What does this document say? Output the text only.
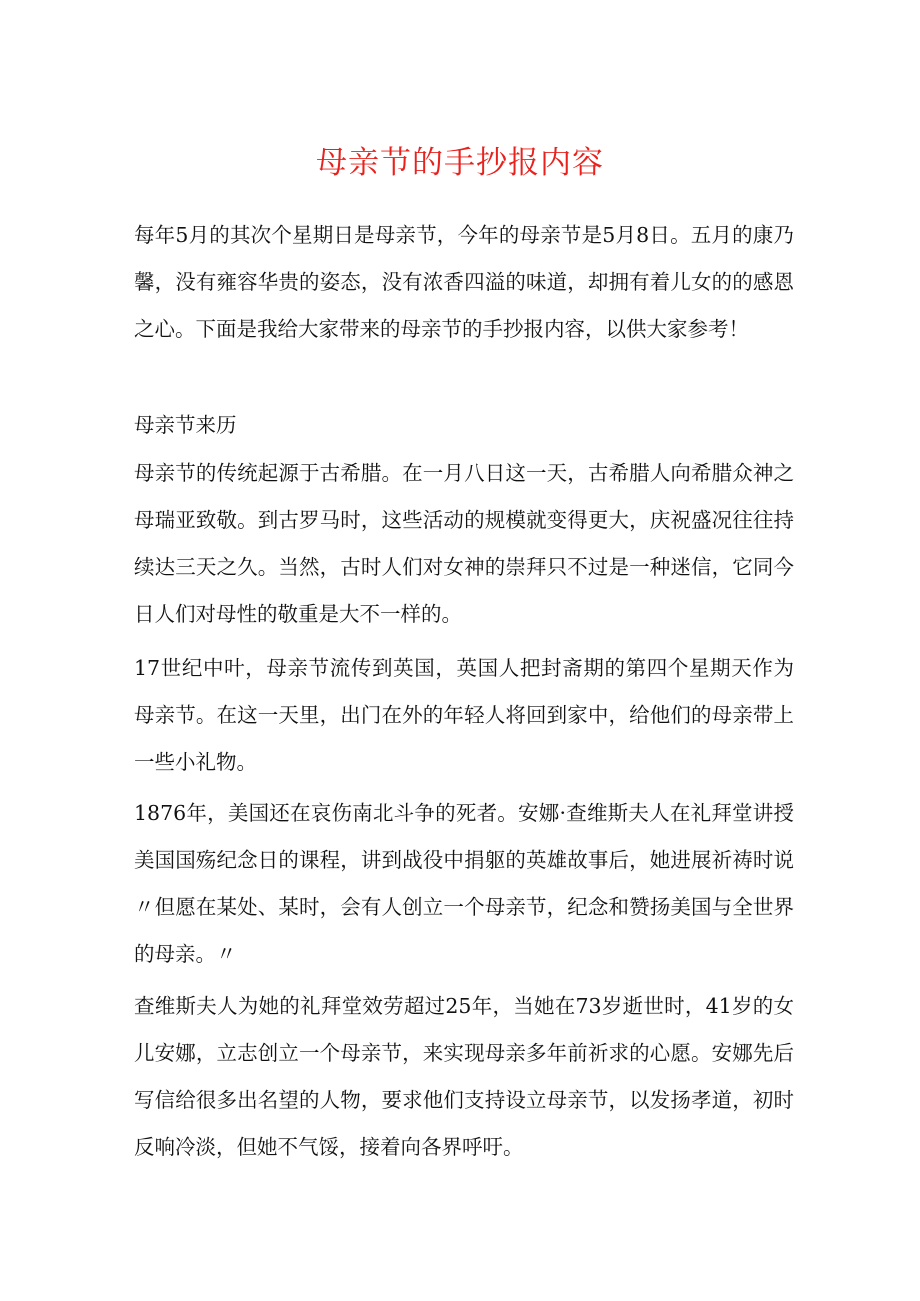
母亲节的手抄报内容

每年5月的其次个星期日是母亲节，今年的母亲节是5月8日。五月的康乃馨，没有雍容华贵的姿态，没有浓香四溢的味道，却拥有着儿女的的感恩之心。下面是我给大家带来的母亲节的手抄报内容，以供大家参考！

母亲节来历

母亲节的传统起源于古希腊。在一月八日这一天，古希腊人向希腊众神之母瑞亚致敬。到古罗马时，这些活动的规模就变得更大，庆祝盛况往往持续达三天之久。当然，古时人们对女神的崇拜只不过是一种迷信，它同今日人们对母性的敬重是大不一样的。

17世纪中叶，母亲节流传到英国，英国人把封斋期的第四个星期天作为母亲节。在这一天里，出门在外的年轻人将回到家中，给他们的母亲带上一些小礼物。

1876年，美国还在哀伤南北斗争的死者。安娜·查维斯夫人在礼拜堂讲授美国国殇纪念日的课程，讲到战役中捐躯的英雄故事后，她进展祈祷时说〃但愿在某处、某时，会有人创立一个母亲节，纪念和赞扬美国与全世界的母亲。〃

查维斯夫人为她的礼拜堂效劳超过25年，当她在73岁逝世时，41岁的女儿安娜，立志创立一个母亲节，来实现母亲多年前祈求的心愿。安娜先后写信给很多出名望的人物，要求他们支持设立母亲节，以发扬孝道，初时反响冷淡，但她不气馁，接着向各界呼吁。
